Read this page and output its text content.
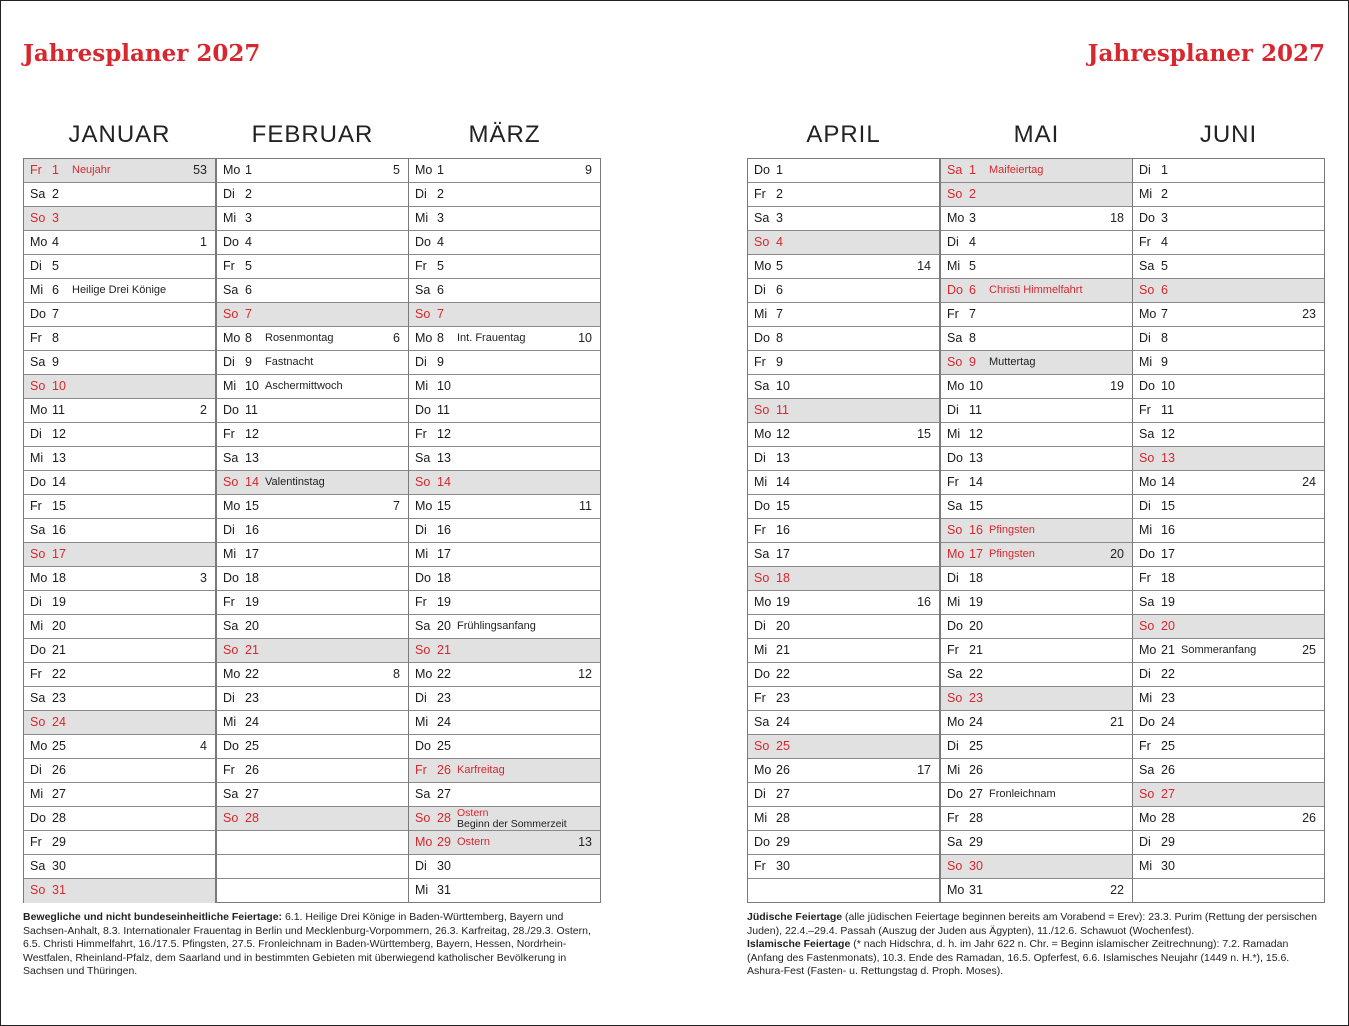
Jahresplaner 2027	Jahresplaner 2027
JANUAR
Fr 1 Neujahr	53
Sa 2
So 3
Mo 4	1
Di 5
Mi 6 Heilige Drei Könige
Do 7
Fr 8
Sa 9
So 10
Mo 11	2
Di 12
Mi 13
Do 14
Fr 15
Sa 16
So 17
Mo 18	3
Di 19
Mi 20
Do 21
Fr 22
Sa 23
So 24
Mo 25	4
Di 26
Mi 27
Do 28
Fr 29
Sa 30
So 31
FEBRUAR
Mo 1	5
Di 2
Mi 3
Do 4
Fr 5
Sa 6
So 7
Mo 8 Rosenmontag	6
Di 9 Fastnacht
Mi 10 Aschermittwoch
Do 11
Fr 12
Sa 13
So 14 Valentinstag
Mo 15	7
Di 16
Mi 17
Do 18
Fr 19
Sa 20
So 21
Mo 22	8
Di 23
Mi 24
Do 25
Fr 26
Sa 27
So 28
MÄRZ
Mo 1	9
Di 2
Mi 3
Do 4
Fr 5
Sa 6
So 7
Mo 8 Int. Frauentag	10
Di 9
Mi 10
Do 11
Fr 12
Sa 13
So 14
Mo 15	11
Di 16
Mi 17
Do 18
Fr 19
Sa 20 Frühlingsanfang
So 21
Mo 22	12
Di 23
Mi 24
Do 25
Fr 26 Karfreitag
Sa 27
So 28 Ostern
Beginn der Sommerzeit
Mo 29 Ostern	13
Di 30
Mi 31
APRIL
Do 1
Fr 2
Sa 3
So 4
Mo 5	14
Di 6
Mi 7
Do 8
Fr 9
Sa 10
So 11
Mo 12	15
Di 13
Mi 14
Do 15
Fr 16
Sa 17
So 18
Mo 19	16
Di 20
Mi 21
Do 22
Fr 23
Sa 24
So 25
Mo 26	17
Di 27
Mi 28
Do 29
Fr 30
MAI
Sa 1 Maifeiertag
So 2
Mo 3	18
Di 4
Mi 5
Do 6 Christi Himmelfahrt
Fr 7
Sa 8
So 9 Muttertag
Mo 10	19
Di 11
Mi 12
Do 13
Fr 14
Sa 15
So 16 Pfingsten
Mo 17 Pfingsten	20
Di 18
Mi 19
Do 20
Fr 21
Sa 22
So 23
Mo 24	21
Di 25
Mi 26
Do 27 Fronleichnam
Fr 28
Sa 29
So 30
Mo 31	22
JUNI
Di 1
Mi 2
Do 3
Fr 4
Sa 5
So 6
Mo 7	23
Di 8
Mi 9
Do 10
Fr 11
Sa 12
So 13
Mo 14	24
Di 15
Mi 16
Do 17
Fr 18
Sa 19
So 20
Mo 21 Sommeranfang	25
Di 22
Mi 23
Do 24
Fr 25
Sa 26
So 27
Mo 28	26
Di 29
Mi 30
Bewegliche und nicht bundeseinheitliche Feiertage: 6.1. Heilige Drei Könige in Baden-Württemberg, Bayern und Sachsen-Anhalt, 8.3. Internationaler Frauentag in Berlin und Mecklenburg-Vorpommern, 26.3. Karfreitag, 28./29.3. Ostern, 6.5. Christi Himmelfahrt, 16./17.5. Pfingsten, 27.5. Fronleichnam in Baden-Württemberg, Bayern, Hessen, Nordrhein-Westfalen, Rheinland-Pfalz, dem Saarland und in bestimmten Gebieten mit überwiegend katholischer Bevölkerung in Sachsen und Thüringen.
Jüdische Feiertage (alle jüdischen Feiertage beginnen bereits am Vorabend = Erev): 23.3. Purim (Rettung der persischen Juden), 22.4.–29.4. Passah (Auszug der Juden aus Ägypten), 11./12.6. Schawuot (Wochenfest).
Islamische Feiertage (* nach Hidschra, d. h. im Jahr 622 n. Chr. = Beginn islamischer Zeitrechnung): 7.2. Ramadan (Anfang des Fastenmonats), 10.3. Ende des Ramadan, 16.5. Opferfest, 6.6. Islamisches Neujahr (1449 n. H.*), 15.6. Ashura-Fest (Fasten- u. Rettungstag d. Proph. Moses).
